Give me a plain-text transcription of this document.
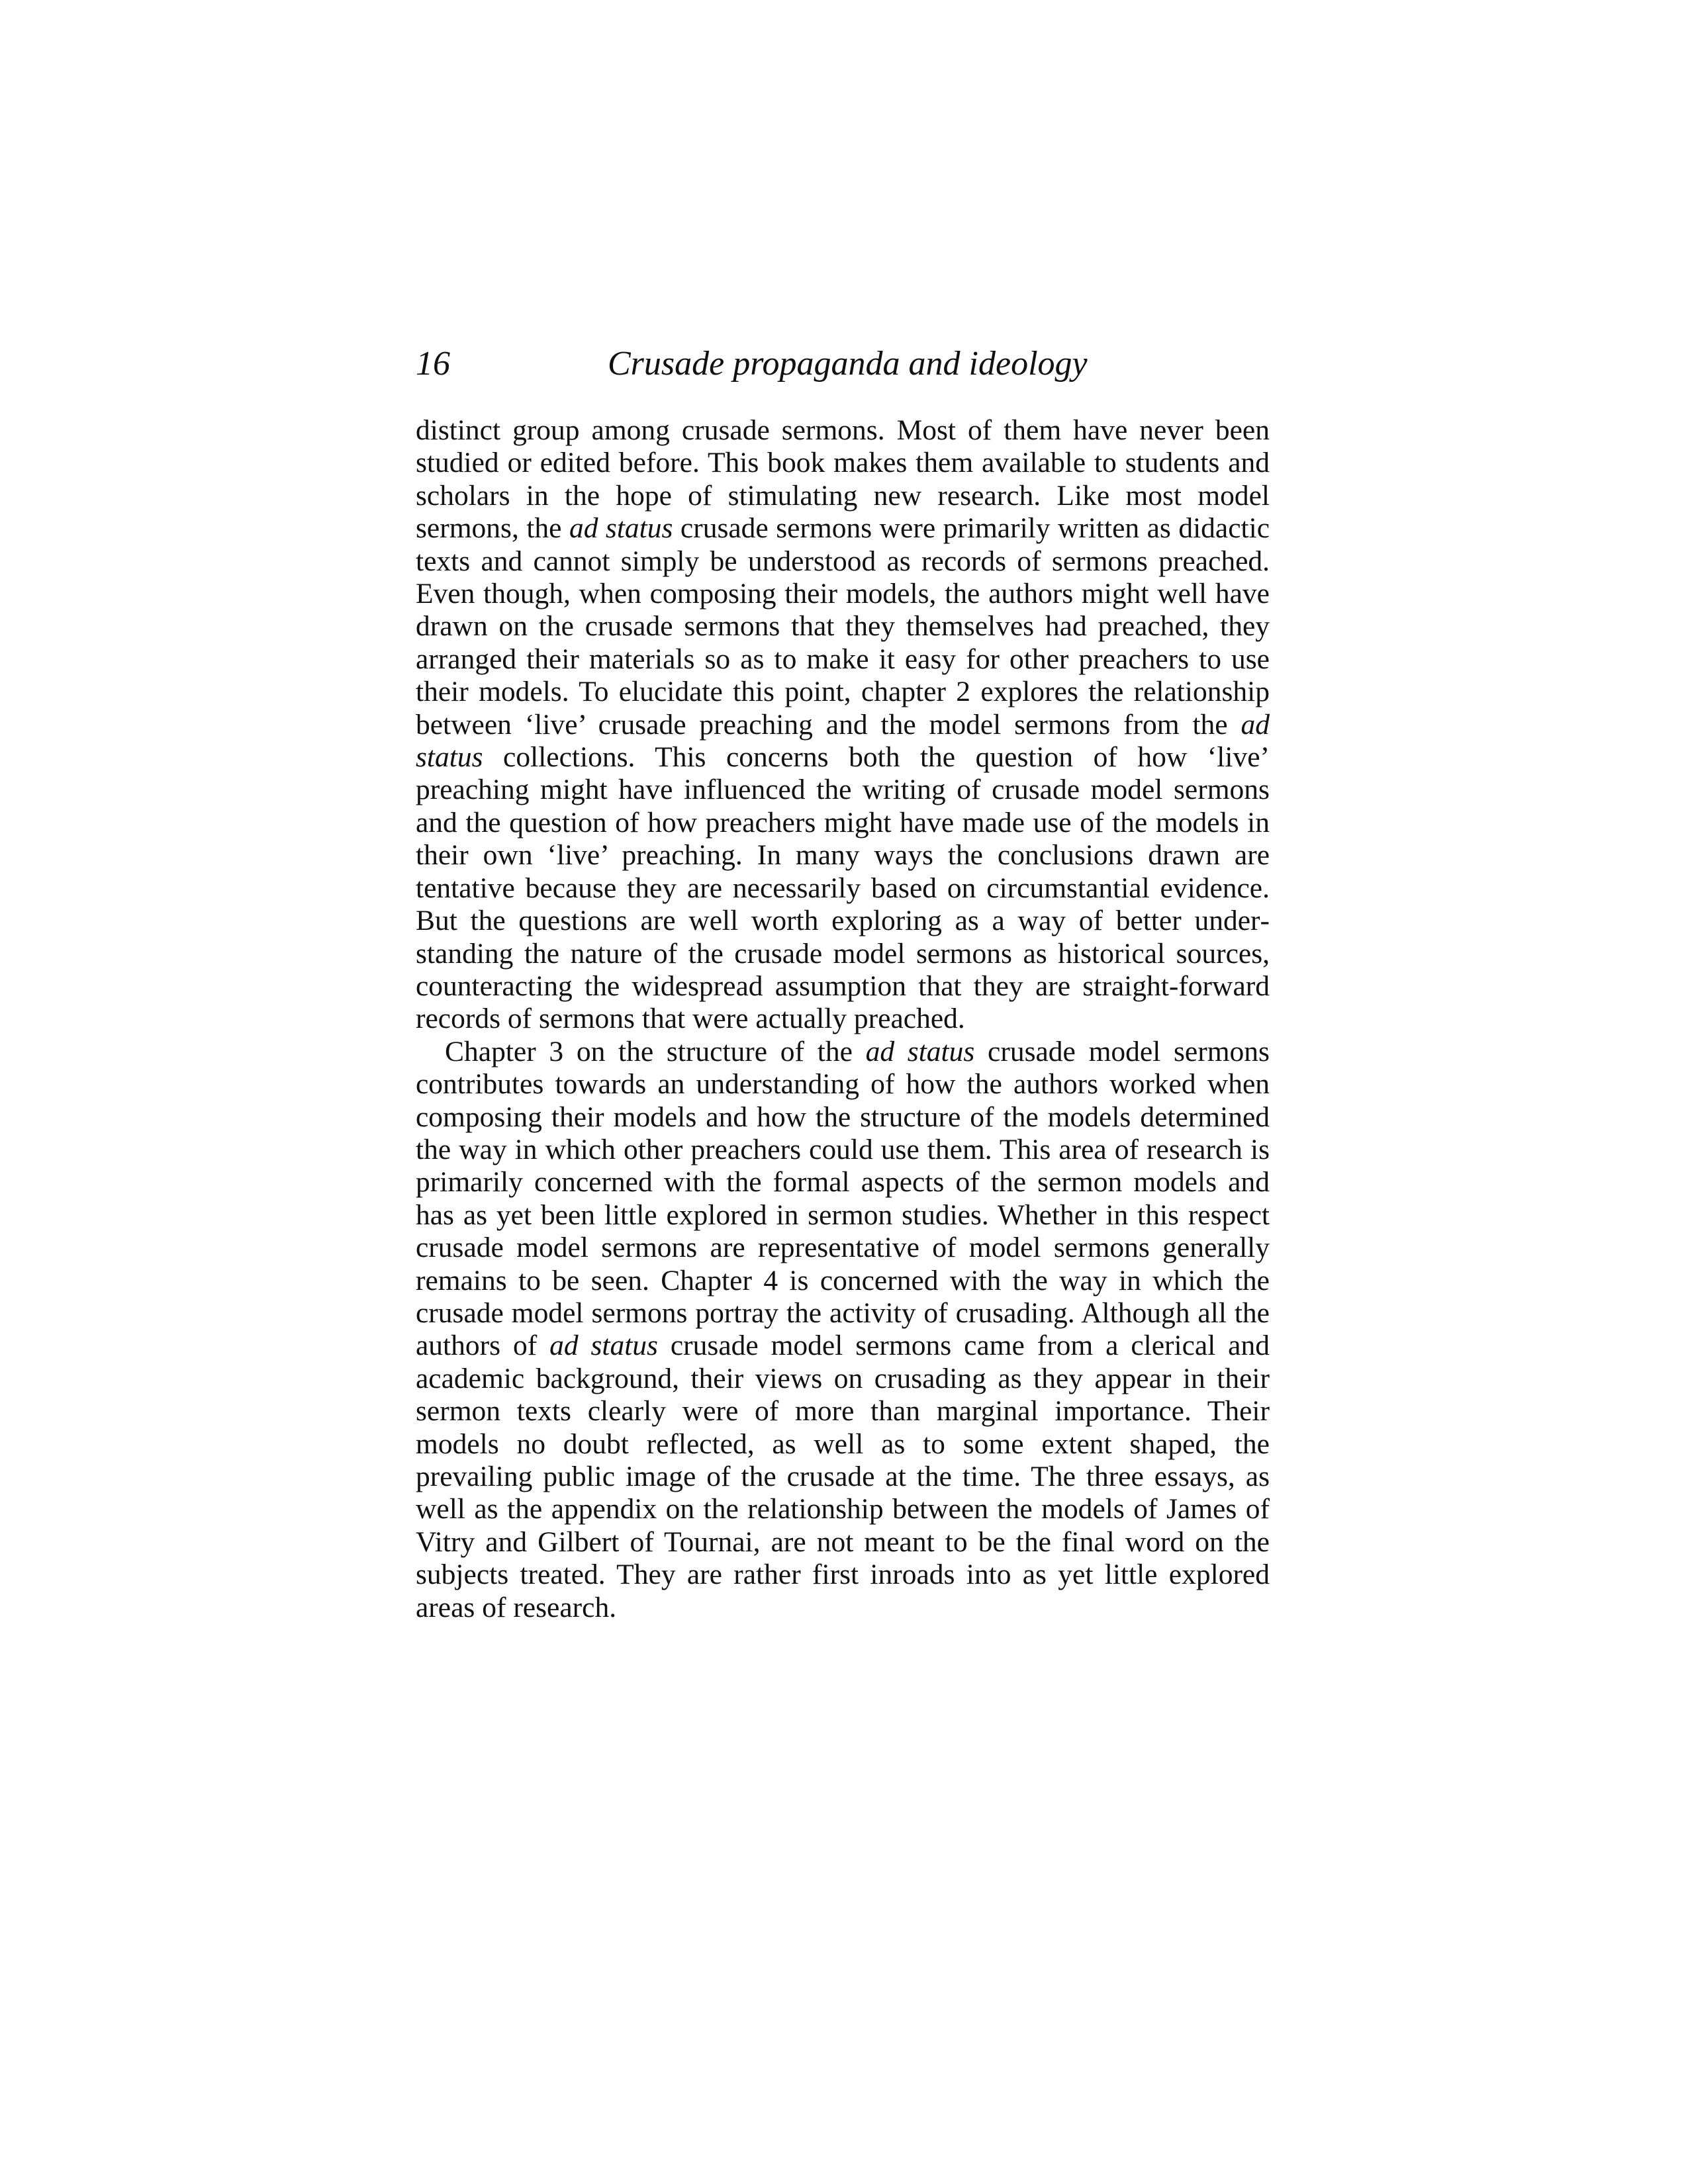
16	Crusade propaganda and ideology

distinct group among crusade sermons. Most of them have never been studied or edited before. This book makes them available to students and scholars in the hope of stimulating new research. Like most model sermons, the ad status crusade sermons were primarily written as didactic texts and cannot simply be understood as records of sermons preached. Even though, when composing their models, the authors might well have drawn on the crusade sermons that they themselves had preached, they arranged their materials so as to make it easy for other preachers to use their models. To elucidate this point, chapter 2 explores the relationship between ‘live’ crusade preaching and the model sermons from the ad status collections. This concerns both the question of how ‘live’ preaching might have influenced the writing of crusade model sermons and the question of how preachers might have made use of the models in their own ‘live’ preaching. In many ways the conclusions drawn are tentative because they are necessarily based on circumstantial evidence. But the questions are well worth exploring as a way of better understanding the nature of the crusade model sermons as historical sources, counteracting the widespread assumption that they are straight-forward records of sermons that were actually preached.

Chapter 3 on the structure of the ad status crusade model sermons contributes towards an understanding of how the authors worked when composing their models and how the structure of the models determined the way in which other preachers could use them. This area of research is primarily concerned with the formal aspects of the sermon models and has as yet been little explored in sermon studies. Whether in this respect crusade model sermons are representative of model sermons generally remains to be seen. Chapter 4 is concerned with the way in which the crusade model sermons portray the activity of crusading. Although all the authors of ad status crusade model sermons came from a clerical and academic background, their views on crusading as they appear in their sermon texts clearly were of more than marginal importance. Their models no doubt reflected, as well as to some extent shaped, the prevailing public image of the crusade at the time. The three essays, as well as the appendix on the relationship between the models of James of Vitry and Gilbert of Tournai, are not meant to be the final word on the subjects treated. They are rather first inroads into as yet little explored areas of research.
